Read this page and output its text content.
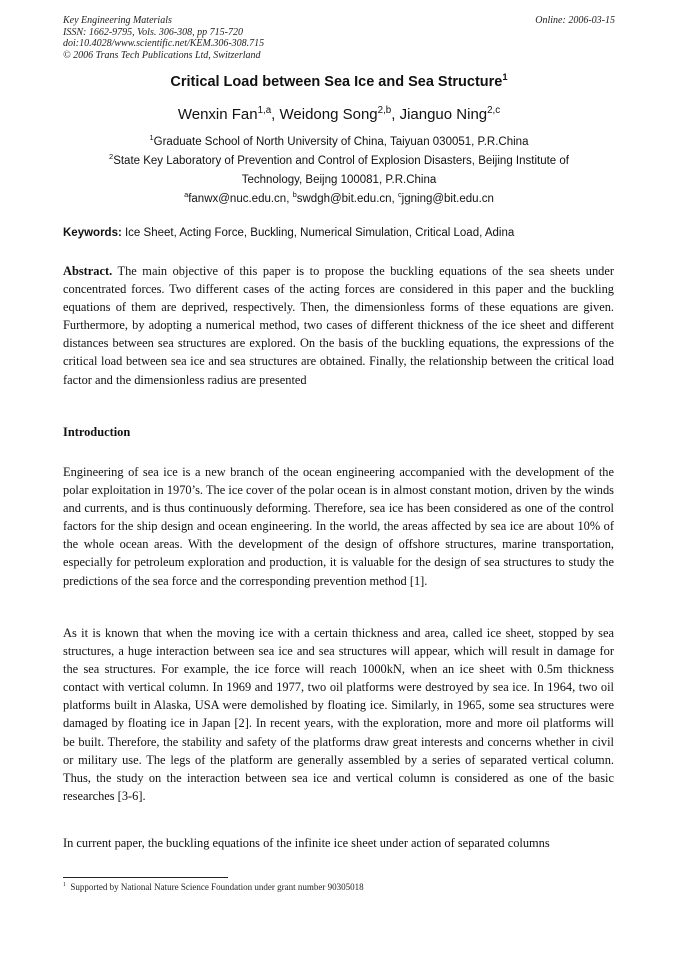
Key Engineering Materials
ISSN: 1662-9795, Vols. 306-308, pp 715-720
doi:10.4028/www.scientific.net/KEM.306-308.715
© 2006 Trans Tech Publications Ltd, Switzerland
Online: 2006-03-15
Critical Load between Sea Ice and Sea Structure$^1$
Wenxin Fan$^{1,a}$, Weidong Song$^{2,b}$, Jianguo Ning$^{2,c}$
$^1$Graduate School of North University of China, Taiyuan 030051, P.R.China
$^2$State Key Laboratory of Prevention and Control of Explosion Disasters, Beijing Institute of
Technology, Beijng 100081, P.R.China
$^a$fanwx@nuc.edu.cn, $^b$swdgh@bit.edu.cn, $^c$jgning@bit.edu.cn
Keywords: Ice Sheet, Acting Force, Buckling, Numerical Simulation, Critical Load, Adina

Abstract. The main objective of this paper is to propose the buckling equations of the sea sheets under concentrated forces. Two different cases of the acting forces are considered in this paper and the buckling equations of them are deprived, respectively. Then, the dimensionless forms of these equations are given. Furthermore, by adopting a numerical method, two cases of different thickness of the ice sheet and different distances between sea structures are explored. On the basis of the buckling equations, the expressions of the critical load between sea ice and sea structures are obtained. Finally, the relationship between the critical load factor and the dimensionless radius are presented

Introduction

Engineering of sea ice is a new branch of the ocean engineering accompanied with the development of the polar exploitation in 1970’s. The ice cover of the polar ocean is in almost constant motion, driven by the winds and currents, and is thus continuously deforming. Therefore, sea ice has been considered as one of the control factors for the ship design and ocean engineering. In the world, the areas affected by sea ice are about 10% of the whole ocean areas. With the development of the design of offshore structures, marine transportation, especially for petroleum exploration and production, it is valuable for the design of sea structures to study the predictions of the sea force and the corresponding prevention method [1].

As it is known that when the moving ice with a certain thickness and area, called ice sheet, stopped by sea structures, a huge interaction between sea ice and sea structures will appear, which will result in damage for the sea structures. For example, the ice force will reach 1000kN, when an ice sheet with 0.5m thickness contact with vertical column. In 1969 and 1977, two oil platforms were destroyed by sea ice. In 1964, two oil platforms built in Alaska, USA were demolished by floating ice. Similarly, in 1965, some sea structures were damaged by floating ice in Japan [2]. In recent years, with the exploration, more and more oil platforms will be built. Therefore, the stability and safety of the platforms draw great interests and concerns whether in civil or military use. The legs of the platform are generally assembled by a series of separated vertical column. Thus, the study on the interaction between sea ice and vertical column is considered as one of the basic researches [3-6].

In current paper, the buckling equations of the infinite ice sheet under action of separated columns

$^1$ Supported by National Nature Science Foundation under grant number 90305018
